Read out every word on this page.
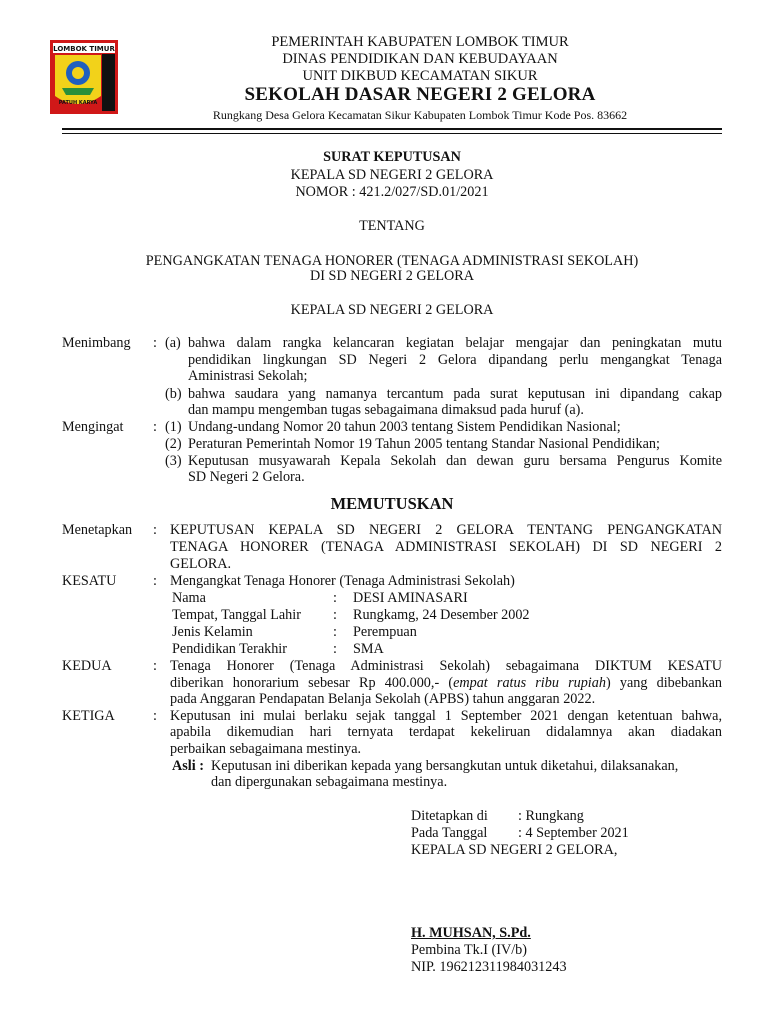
LOMBOK TIMUR
PATUH KARYA
PEMERINTAH KABUPATEN LOMBOK TIMUR
DINAS PENDIDIKAN DAN KEBUDAYAAN
UNIT DIKBUD KECAMATAN SIKUR
SEKOLAH DASAR NEGERI 2 GELORA
Rungkang Desa Gelora Kecamatan Sikur Kabupaten Lombok Timur Kode Pos. 83662
SURAT KEPUTUSAN
KEPALA SD NEGERI 2 GELORA
NOMOR : 421.2/027/SD.01/2021
TENTANG
PENGANGKATAN TENAGA HONORER (TENAGA ADMINISTRASI SEKOLAH)
DI SD NEGERI 2 GELORA
KEPALA SD NEGERI 2 GELORA
Menimbang : (a) bahwa dalam rangka kelancaran kegiatan belajar mengajar dan peningkatan mutu
pendidikan lingkungan SD Negeri 2 Gelora dipandang perlu mengangkat Tenaga
Aministrasi Sekolah;
(b) bahwa saudara yang namanya tercantum pada surat keputusan ini dipandang cakap
dan mampu mengemban tugas sebagaimana dimaksud pada huruf (a).
Mengingat : (1) Undang-undang Nomor 20 tahun 2003 tentang Sistem Pendidikan Nasional;
(2) Peraturan Pemerintah Nomor 19 Tahun 2005 tentang Standar Nasional Pendidikan;
(3) Keputusan musyawarah Kepala Sekolah dan dewan guru bersama Pengurus Komite
SD Negeri 2 Gelora.
MEMUTUSKAN
Menetapkan : KEPUTUSAN KEPALA SD NEGERI 2 GELORA TENTANG PENGANGKATAN
TENAGA HONORER (TENAGA ADMINISTRASI SEKOLAH) DI SD NEGERI 2
GELORA.
KESATU	: Mengangkat Tenaga Honorer (Tenaga Administrasi Sekolah)
Nama	: DESI AMINASARI
Tempat, Tanggal Lahir : Rungkamg, 24 Desember 2002
Jenis Kelamin	: Perempuan
Pendidikan Terakhir	: SMA
KEDUA	: Tenaga Honorer (Tenaga Administrasi Sekolah) sebagaimana DIKTUM KESATU
diberikan honorarium sebesar Rp 400.000,- (empat ratus ribu rupiah) yang dibebankan
pada Anggaran Pendapatan Belanja Sekolah (APBS) tahun anggaran 2022.
KETIGA	: Keputusan ini mulai berlaku sejak tanggal 1 September 2021 dengan ketentuan bahwa,
apabila dikemudian hari ternyata terdapat kekeliruan didalamnya akan diadakan
perbaikan sebagaimana mestinya.
Asli : Keputusan ini diberikan kepada yang bersangkutan untuk diketahui, dilaksanakan,
dan dipergunakan sebagaimana mestinya.
Ditetapkan di : Rungkang
Pada Tanggal : 4 September 2021
KEPALA SD NEGERI 2 GELORA,
H. MUHSAN, S.Pd.
Pembina Tk.I (IV/b)
NIP. 196212311984031243
